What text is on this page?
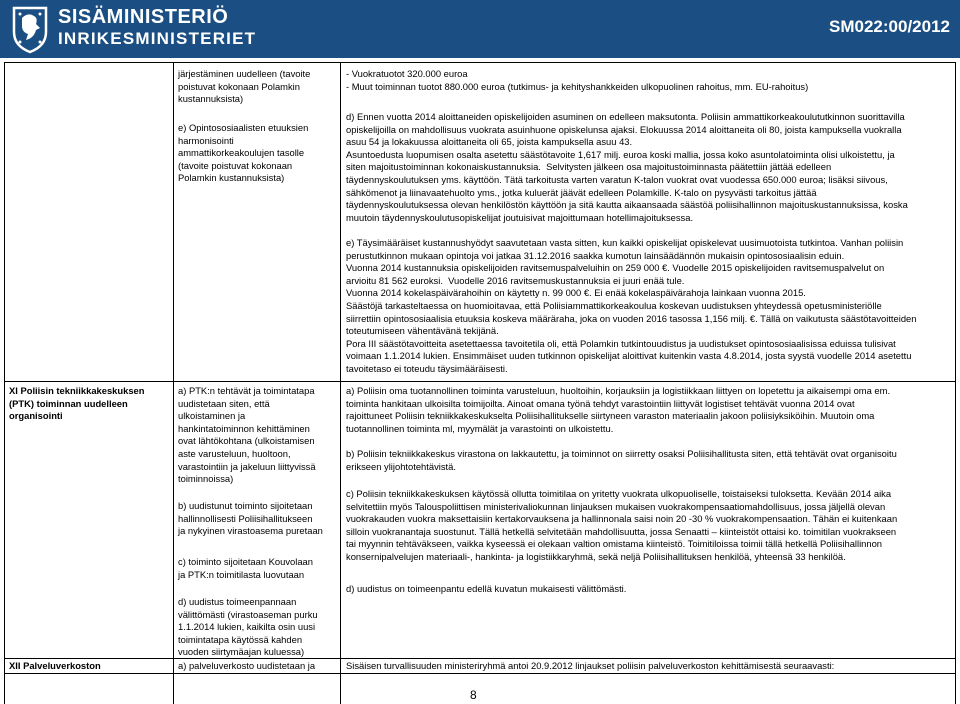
SISÄMINISTERIÖ
INRIKESMINISTERIET
SM022:00/2012
järjestäminen uudelleen (tavoite
poistuvat kokonaan Polamkin
kustannuksista)
e) Opintososiaalisten etuuksien
harmonisointi
ammattikorkeakoulujen tasolle
(tavoite poistuvat kokonaan
Polamkin kustannuksista)
- Vuokratuotot 320.000 euroa
- Muut toiminnan tuotot 880.000 euroa (tutkimus- ja kehityshankkeiden ulkopuolinen rahoitus, mm. EU-rahoitus)
d) Ennen vuotta 2014 aloittaneiden opiskelijoiden asuminen on edelleen maksutonta. Poliisin ammattikorkeakoulututkinnon suorittavilla
opiskelijoilla on mahdollisuus vuokrata asuinhuone opiskelunsa ajaksi. Elokuussa 2014 aloittaneita oli 80, joista kampuksella vuokralla
asuu 54 ja lokakuussa aloittaneita oli 65, joista kampuksella asuu 43.
Asuntoedusta luopumisen osalta asetettu säästötavoite 1,617 milj. euroa koski mallia, jossa koko asuntolatoiminta olisi ulkoistettu, ja
siten majoitustoiminnan kokonaiskustannuksia.  Selvitysten jälkeen osa majoitustoiminnasta päätettiin jättää edelleen
täydennyskoulutuksen yms. käyttöön. Tätä tarkoitusta varten varatun K-talon vuokrat ovat vuodessa 650.000 euroa; lisäksi siivous,
sähkömenot ja liinavaatehuolto yms., jotka kuluerät jäävät edelleen Polamkille. K-talo on pysyvästi tarkoitus jättää
täydennyskoulutuksessa olevan henkilöstön käyttöön ja sitä kautta aikaansaada säästöä poliisihallinnon majoituskustannuksissa, koska
muutoin täydennyskoulutusopiskelijat joutuisivat majoittumaan hotellimajoituksessa.
e) Täysimääräiset kustannushyödyt saavutetaan vasta sitten, kun kaikki opiskelijat opiskelevat uusimuotoista tutkintoa. Vanhan poliisin
perustutkinnon mukaan opintoja voi jatkaa 31.12.2016 saakka kumotun lainsäädännön mukaisin opintososiaalisin eduin.
Vuonna 2014 kustannuksia opiskelijoiden ravitsemuspalveluihin on 259 000 €. Vuodelle 2015 opiskelijoiden ravitsemuspalvelut on
arvioitu 81 562 euroksi.  Vuodelle 2016 ravitsemuskustannuksia ei juuri enää tule.
Vuonna 2014 kokelaspäivärahoihin on käytetty n. 99 000 €. Ei enää kokelaspäivärahoja lainkaan vuonna 2015.
Säästöjä tarkasteltaessa on huomioitavaa, että Poliisiammattikorkeakoulua koskevan uudistuksen yhteydessä opetusministeriölle
siirrettiin opintososiaalisia etuuksia koskeva määräraha, joka on vuoden 2016 tasossa 1,156 milj. €. Tällä on vaikutusta säästötavoitteiden
toteutumiseen vähentävänä tekijänä.
Pora III säästötavoitteita asetettaessa tavoitetila oli, että Polamkin tutkintouudistus ja uudistukset opintososiaalisissa eduissa tulisivat
voimaan 1.1.2014 lukien. Ensimmäiset uuden tutkinnon opiskelijat aloittivat kuitenkin vasta 4.8.2014, josta syystä vuodelle 2014 asetettu
tavoitetaso ei toteudu täysimääräisesti.
XI Poliisin tekniikkakeskuksen
(PTK) toiminnan uudelleen
organisointi
a) PTK:n tehtävät ja toimintatapa
uudistetaan siten, että
ulkoistaminen ja
hankintatoiminnon kehittäminen
ovat lähtökohtana (ulkoistamisen
aste varusteluun, huoltoon,
varastointiin ja jakeluun liittyvissä
toiminnoissa)
b) uudistunut toiminto sijoitetaan
hallinnollisesti Poliisihallitukseen
ja nykyinen virastoasema puretaan
c) toiminto sijoitetaan Kouvolaan
ja PTK:n toimitilasta luovutaan
d) uudistus toimeenpannaan
välittömästi (virastoaseman purku
1.1.2014 lukien, kaikilta osin uusi
toimintatapa käytössä kahden
vuoden siirtymäajan kuluessa)
a) Poliisin oma tuotannollinen toiminta varusteluun, huoltoihin, korjauksiin ja logistiikkaan liittyen on lopetettu ja aikaisempi oma em.
toiminta hankitaan ulkoisilta toimijoilta. Ainoat omana työnä tehdyt varastointiin liittyvät logistiset tehtävät vuonna 2014 ovat
rajoittuneet Poliisin tekniikkakeskukselta Poliisihallitukselle siirtyneen varaston materiaalin jakoon poliisiyksiköihin. Muutoin oma
tuotannollinen toiminta ml, myymälät ja varastointi on ulkoistettu.
b) Poliisin tekniikkakeskus virastona on lakkautettu, ja toiminnot on siirretty osaksi Poliisihallitusta siten, että tehtävät ovat organisoitu
erikseen ylijohtotehtävistä.
c) Poliisin tekniikkakeskuksen käytössä ollutta toimitilaa on yritetty vuokrata ulkopuoliselle, toistaiseksi tuloksetta. Kevään 2014 aika
selvitettiin myös Talouspoliittisen ministerivaliokunnan linjauksen mukaisen vuokrakompensaatiomahdollisuus, jossa jäljellä olevan
vuokrakauden vuokra maksettaisiin kertakorvauksena ja hallinnonala saisi noin 20 -30 % vuokrakompensaation. Tähän ei kuitenkaan
silloin vuokranantaja suostunut. Tällä hetkellä selvitetään mahdollisuutta, jossa Senaatti – kiinteistöt ottaisi ko. toimitilan vuokrakseen
tai myynnin tehtäväkseen, vaikka kyseessä ei olekaan valtion omistama kiinteistö. Toimitiloissa toimii tällä hetkellä Poliisihallinnon
konsernipalvelujen materiaali-, hankinta- ja logistiikkaryhmä, sekä neljä Poliisihallituksen henkilöä, yhteensä 33 henkilöä.
d) uudistus on toimeenpantu edellä kuvatun mukaisesti välittömästi.
XII Palveluverkoston	a) palveluverkosto uudistetaan ja	Sisäisen turvallisuuden ministeriryhmä antoi 20.9.2012 linjaukset poliisin palveluverkoston kehittämisestä seuraavasti:
8
